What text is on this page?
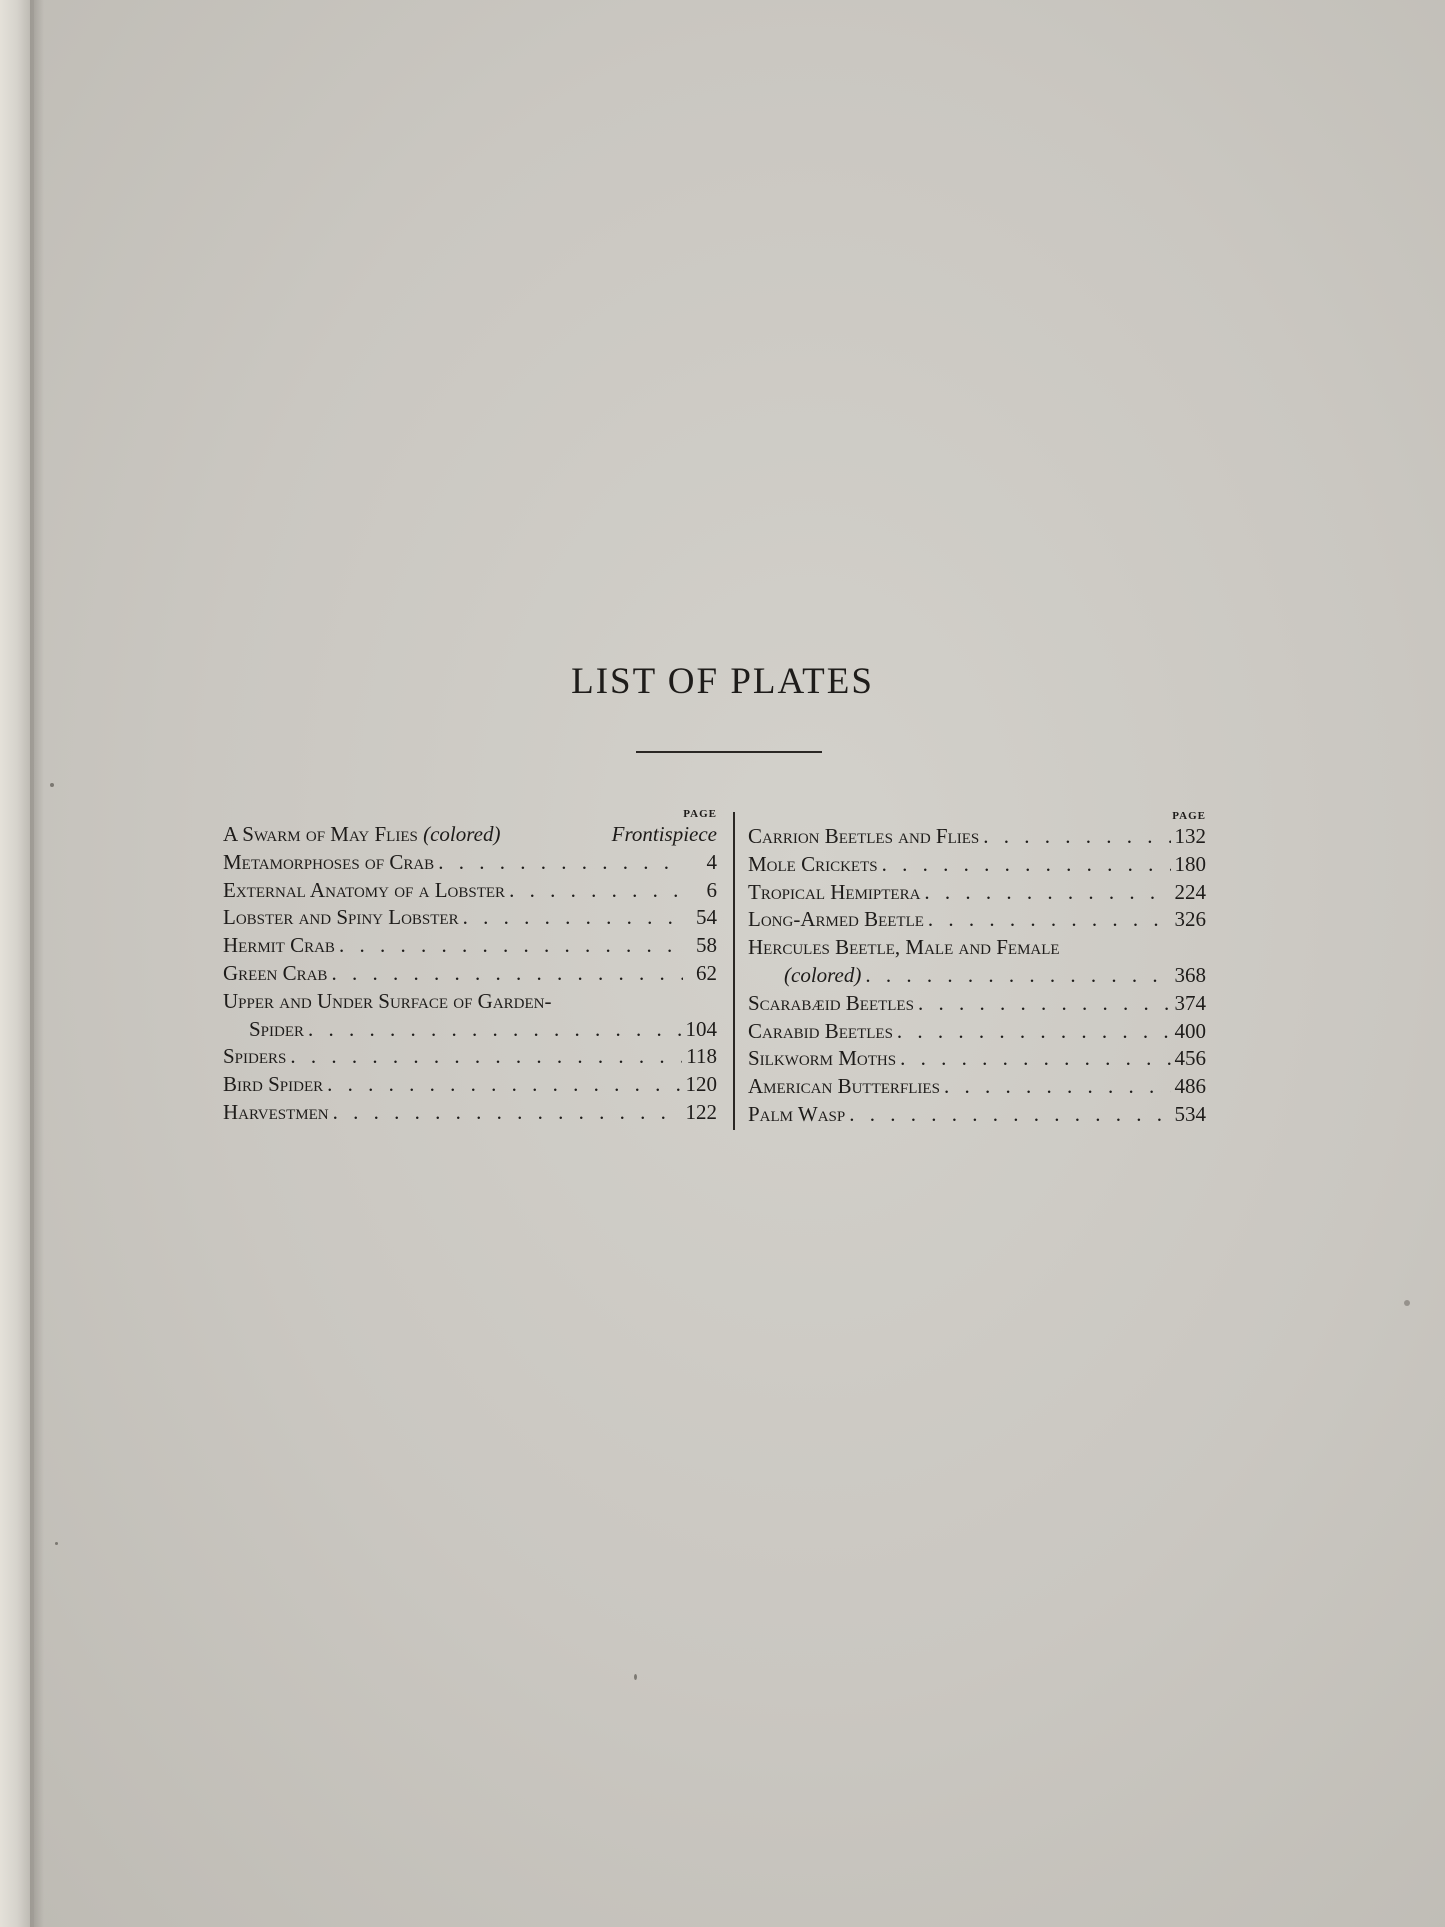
LIST OF PLATES
PAGE
A Swarm of May Flies (colored)	Frontispiece
Metamorphoses of Crab . . .	4
External Anatomy of a Lobster . . .	6
Lobster and Spiny Lobster . . .	54
Hermit Crab . . .	58
Green Crab . . .	62
Upper and Under Surface of Garden-
Spider . . .	104
Spiders . . .	118
Bird Spider . . .	120
Harvestmen . . .	122
PAGE
Carrion Beetles and Flies . . .	132
Mole Crickets . . .	180
Tropical Hemiptera . . .	224
Long-Armed Beetle . . .	326
Hercules Beetle, Male and Female
(colored) . . .	368
Scarabæid Beetles . . .	374
Carabid Beetles . . .	400
Silkworm Moths . . .	456
American Butterflies . . .	486
Palm Wasp . . .	534
